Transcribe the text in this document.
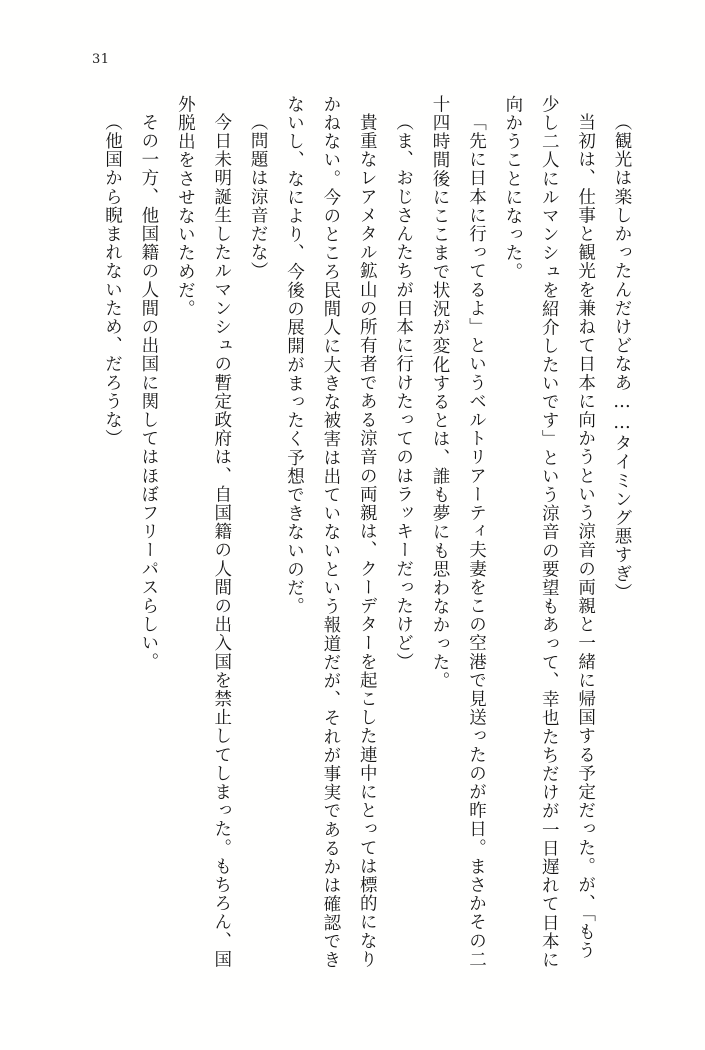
31

（観光は楽しかったんだけどなあ……タイミング悪すぎ）

当初は、仕事と観光を兼ねて日本に向かうという涼音の両親と一緒に帰国する予定だった。が、「もう少し二人にルマンシュを紹介したいです」という涼音の要望もあって、幸也たちだけが一日遅れて日本に向かうことになった。

「先に日本に行ってるよ」というベルトリアーティ夫妻をこの空港で見送ったのが昨日。まさかその二十四時間後にここまで状況が変化するとは、誰も夢にも思わなかった。

（ま、おじさんたちが日本に行けたってのはラッキーだったけど）

貴重なレアメタル鉱山の所有者である涼音の両親は、クーデターを起こした連中にとっては標的になりかねない。今のところ民間人に大きな被害は出ていないという報道だが、それが事実であるかは確認できないし、なにより、今後の展開がまったく予想できないのだ。

（問題は涼音だな）

今日未明誕生したルマンシュの暫定政府は、自国籍の人間の出入国を禁止してしまった。もちろん、国外脱出をさせないためだ。

その一方、他国籍の人間の出国に関してはほぼフリーパスらしい。

（他国から睨まれないため、だろうな）
